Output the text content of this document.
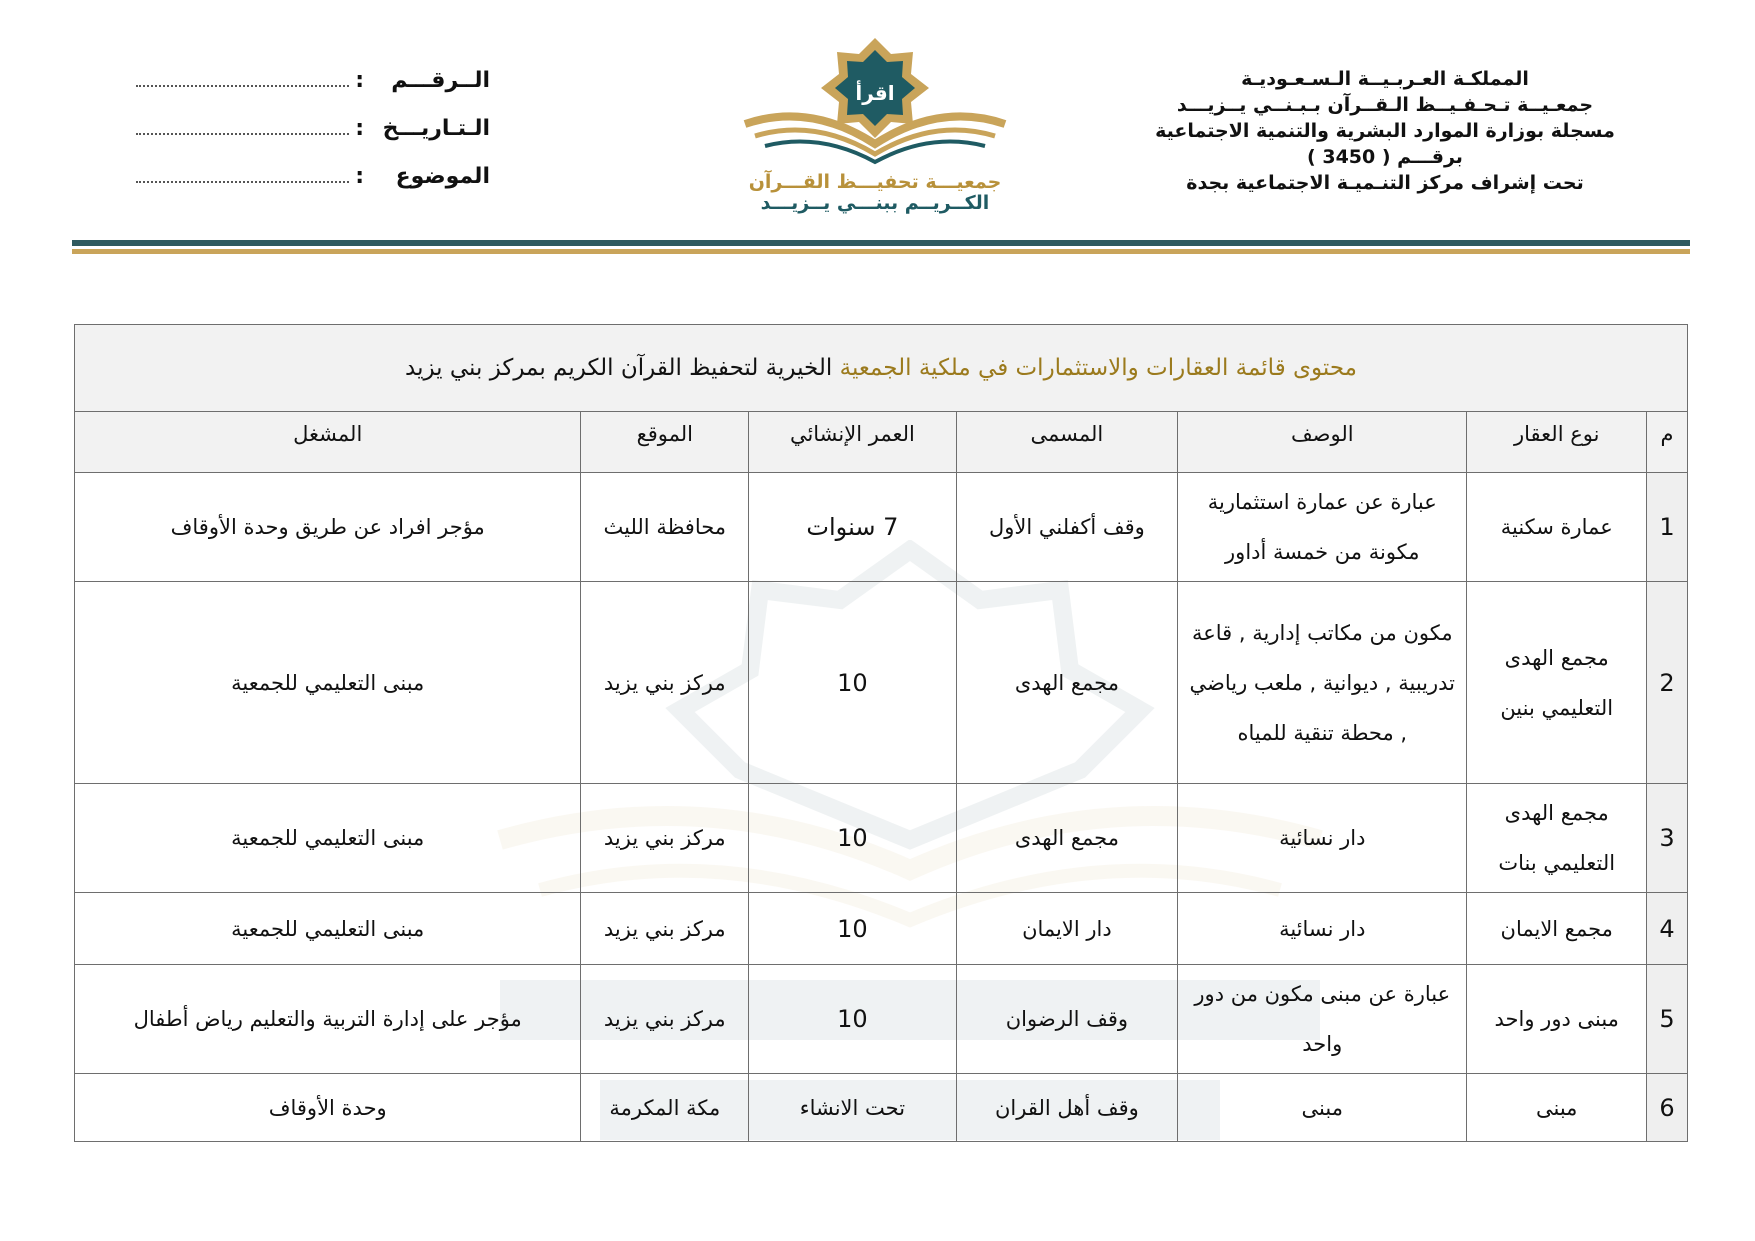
المملكـة العـربـيــة الـسـعـوديـة
جمعـيــة تـحـفـيــظ الـقــرآن بـبـنــي يــزيـــد
مسجلة بوزارة الموارد البشرية والتنمية الاجتماعية
برقـــم ( 3450 )
تحت إشراف مركز التنـميـة الاجتماعية بجدة
اقرأ
جمعيـــة تحفيـــظ القـــرآن
الكــريــم ببنـــي يــزيـــد
الــرقـــم
:
الـتـاريـــخ
:
الموضوع
:
محتوى قائمة العقارات والاستثمارات في ملكية الجمعية الخيرية لتحفيظ القرآن الكريم بمركز بني يزيد						
م	نوع العقار	الوصف	المسمى	العمر الإنشائي	الموقع	المشغل
1	عمارة سكنية	عبارة عن عمارة استثمارية مكونة من خمسة أداور	وقف أكفلني الأول	7 سنوات	محافظة الليث	مؤجر افراد عن طريق وحدة الأوقاف
2	مجمع الهدى التعليمي بنين	مكون من مكاتب إدارية , قاعة تدريبية , ديوانية , ملعب رياضي , محطة تنقية للمياه	مجمع الهدى	10	مركز بني يزيد	مبنى التعليمي للجمعية
3	مجمع الهدى التعليمي بنات	دار نسائية	مجمع الهدى	10	مركز بني يزيد	مبنى التعليمي للجمعية
4	مجمع الايمان	دار نسائية	دار الايمان	10	مركز بني يزيد	مبنى التعليمي للجمعية
5	مبنى دور واحد	عبارة عن مبنى مكون من دور واحد	وقف الرضوان	10	مركز بني يزيد	مؤجر على إدارة التربية والتعليم رياض أطفال
6	مبنى	مبنى	وقف أهل القران	تحت الانشاء	مكة المكرمة	وحدة الأوقاف
